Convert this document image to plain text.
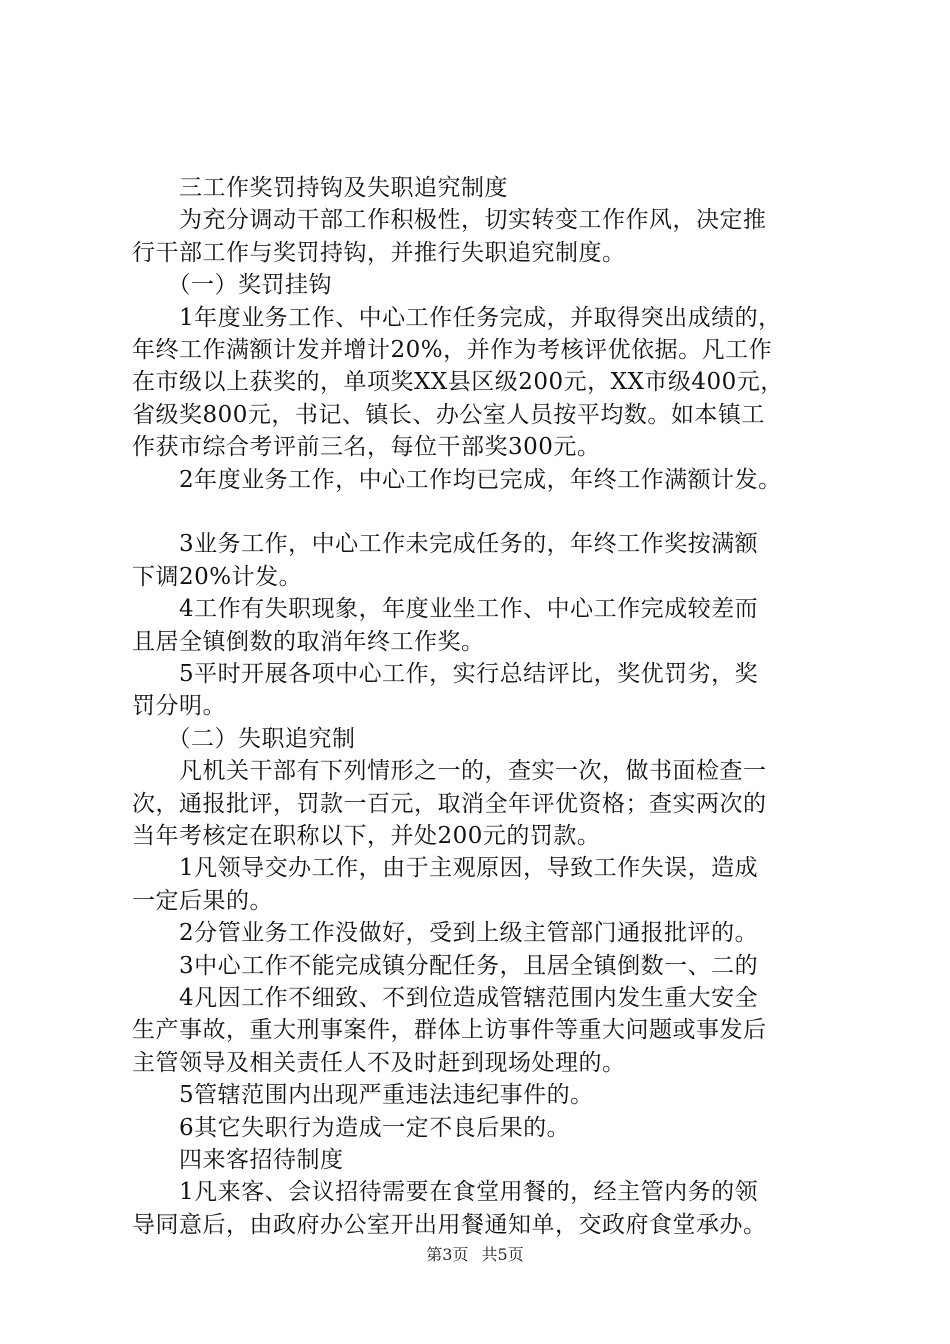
　　三工作奖罚持钩及失职追究制度
　　为充分调动干部工作积极性，切实转变工作作风，决定推
行干部工作与奖罚持钩，并推行失职追究制度。
　　（一）奖罚挂钩
　　1年度业务工作、中心工作任务完成，并取得突出成绩的，
年终工作满额计发并增计20%，并作为考核评优依据。凡工作
在市级以上获奖的，单项奖XX县区级200元，XX市级400元，
省级奖800元，书记、镇长、办公室人员按平均数。如本镇工
作获市综合考评前三名，每位干部奖300元。
　　2年度业务工作，中心工作均已完成，年终工作满额计发。
　　3业务工作，中心工作未完成任务的，年终工作奖按满额
下调20%计发。
　　4工作有失职现象，年度业坐工作、中心工作完成较差而
且居全镇倒数的取消年终工作奖。
　　5平时开展各项中心工作，实行总结评比，奖优罚劣，奖
罚分明。
　　（二）失职追究制
　　凡机关干部有下列情形之一的，查实一次，做书面检查一
次，通报批评，罚款一百元，取消全年评优资格；查实两次的
当年考核定在职称以下，并处200元的罚款。
　　1凡领导交办工作，由于主观原因，导致工作失误，造成
一定后果的。
　　2分管业务工作没做好，受到上级主管部门通报批评的。
　　3中心工作不能完成镇分配任务，且居全镇倒数一、二的
　　4凡因工作不细致、不到位造成管辖范围内发生重大安全
生产事故，重大刑事案件，群体上访事件等重大问题或事发后
主管领导及相关责任人不及时赶到现场处理的。
　　5管辖范围内出现严重违法违纪事件的。
　　6其它失职行为造成一定不良后果的。
　　四来客招待制度
　　1凡来客、会议招待需要在食堂用餐的，经主管内务的领
导同意后，由政府办公室开出用餐通知单，交政府食堂承办。
第3页 共5页
